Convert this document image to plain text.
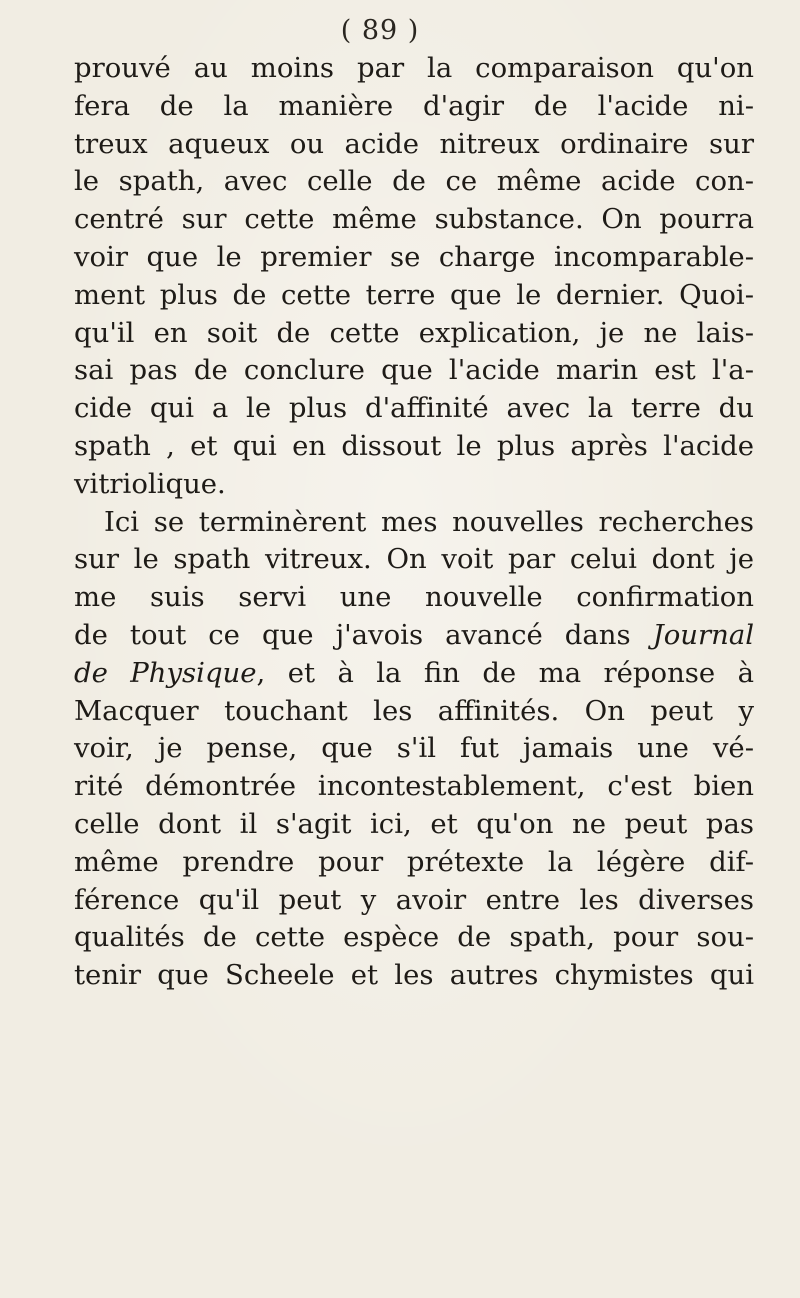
( 89 )
prouvé au moins par la comparaison qu'on
fera de la manière d'agir de l'acide ni-
treux aqueux ou acide nitreux ordinaire sur
le spath, avec celle de ce même acide con-
centré sur cette même substance. On pourra
voir que le premier se charge incomparable-
ment plus de cette terre que le dernier. Quoi-
qu'il en soit de cette explication, je ne lais-
sai pas de conclure que l'acide marin est l'a-
cide qui a le plus d'affinité avec la terre du
spath , et qui en dissout le plus après l'acide
vitriolique.
Ici se terminèrent mes nouvelles recherches
sur le spath vitreux. On voit par celui dont je
me suis servi une nouvelle confirmation
de tout ce que j'avois avancé dans Journal
de Physique, et à la fin de ma réponse à
Macquer touchant les affinités. On peut y
voir, je pense, que s'il fut jamais une vé-
rité démontrée incontestablement, c'est bien
celle dont il s'agit ici, et qu'on ne peut pas
même prendre pour prétexte la légère dif-
férence qu'il peut y avoir entre les diverses
qualités de cette espèce de spath, pour sou-
tenir que Scheele et les autres chymistes qui
